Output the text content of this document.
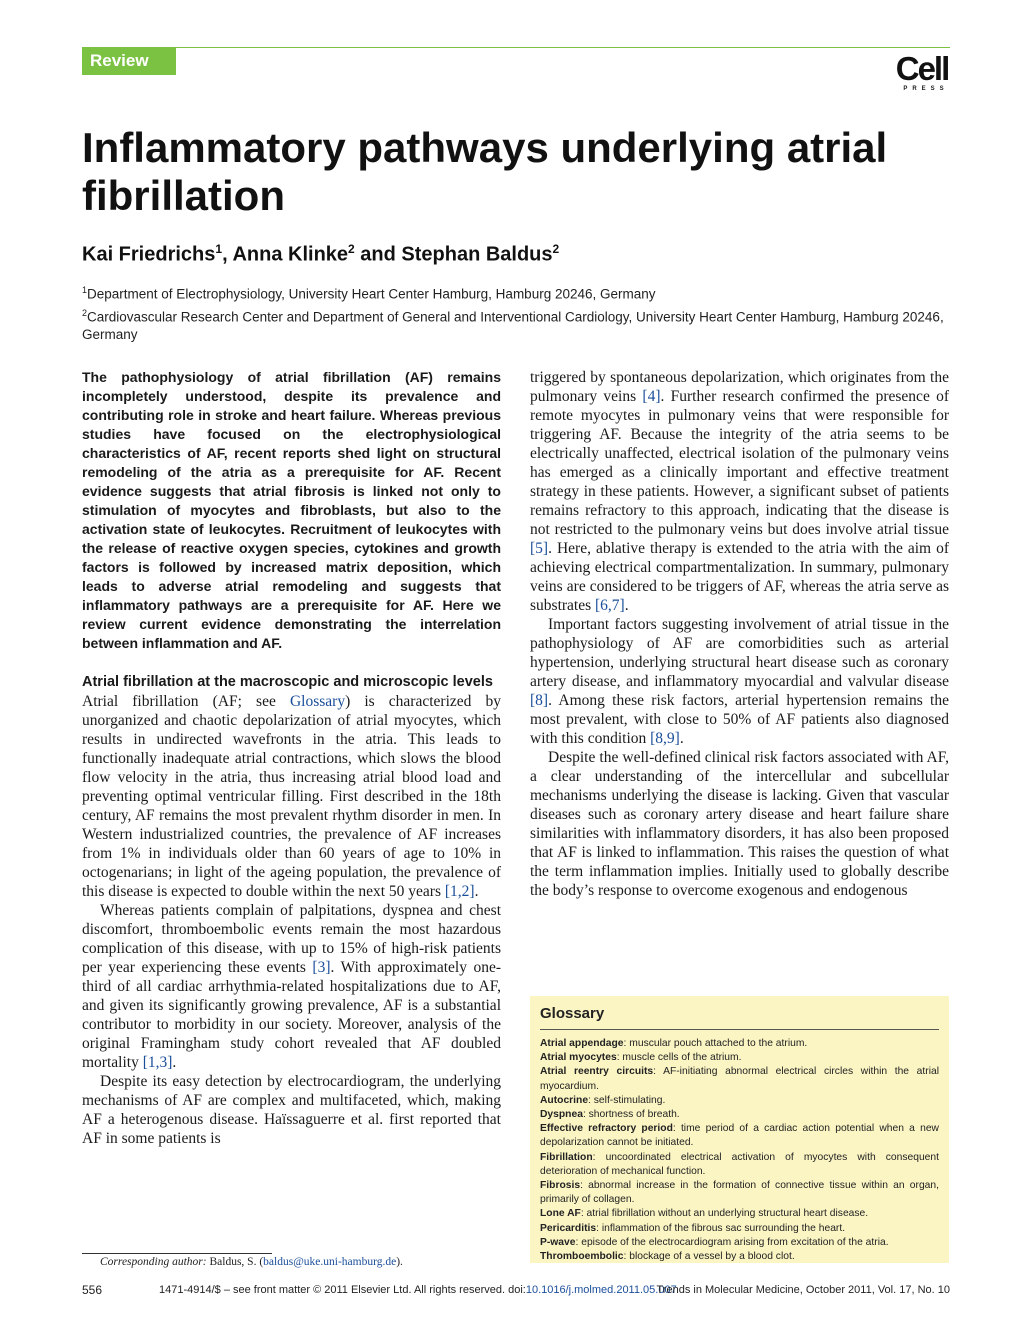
Review	Cell
PRESS
Inflammatory pathways underlying atrial fibrillation
Kai Friedrichs$^1$, Anna Klinke$^2$ and Stephan Baldus$^2$
$^1$Department of Electrophysiology, University Heart Center Hamburg, Hamburg 20246, Germany
$^2$Cardiovascular Research Center and Department of General and Interventional Cardiology, University Heart Center Hamburg, Hamburg 20246, Germany

The pathophysiology of atrial fibrillation (AF) remains incompletely understood, despite its prevalence and contributing role in stroke and heart failure. Whereas previous studies have focused on the electrophysiological characteristics of AF, recent reports shed light on structural remodeling of the atria as a prerequisite for AF. Recent evidence suggests that atrial fibrosis is linked not only to stimulation of myocytes and fibroblasts, but also to the activation state of leukocytes. Recruitment of leukocytes with the release of reactive oxygen species, cytokines and growth factors is followed by increased matrix deposition, which leads to adverse atrial remodeling and suggests that inflammatory pathways are a prerequisite for AF. Here we review current evidence demonstrating the interrelation between inflammation and AF.

Atrial fibrillation at the macroscopic and microscopic levels

Atrial fibrillation (AF; see Glossary) is characterized by unorganized and chaotic depolarization of atrial myocytes, which results in undirected wavefronts in the atria. This leads to functionally inadequate atrial contractions, which slows the blood flow velocity in the atria, thus increasing atrial blood load and preventing optimal ventricular filling. First described in the 18th century, AF remains the most prevalent rhythm disorder in men. In Western industrialized countries, the prevalence of AF increases from 1% in individuals older than 60 years of age to 10% in octogenarians; in light of the ageing population, the prevalence of this disease is expected to double within the next 50 years [1,2].

Whereas patients complain of palpitations, dyspnea and chest discomfort, thromboembolic events remain the most hazardous complication of this disease, with up to 15% of high-risk patients per year experiencing these events [3]. With approximately one-third of all cardiac arrhythmia-related hospitalizations due to AF, and given its significantly growing prevalence, AF is a substantial contributor to morbidity in our society. Moreover, analysis of the original Framingham study cohort revealed that AF doubled mortality [1,3].

Despite its easy detection by electrocardiogram, the underlying mechanisms of AF are complex and multifaceted, which, making AF a heterogenous disease. Haïssaguerre et al. first reported that AF in some patients is

triggered by spontaneous depolarization, which originates from the pulmonary veins [4]. Further research confirmed the presence of remote myocytes in pulmonary veins that were responsible for triggering AF. Because the integrity of the atria seems to be electrically unaffected, electrical isolation of the pulmonary veins has emerged as a clinically important and effective treatment strategy in these patients. However, a significant subset of patients remains refractory to this approach, indicating that the disease is not restricted to the pulmonary veins but does involve atrial tissue [5]. Here, ablative therapy is extended to the atria with the aim of achieving electrical compartmentalization. In summary, pulmonary veins are considered to be triggers of AF, whereas the atria serve as substrates [6,7].

Important factors suggesting involvement of atrial tissue in the pathophysiology of AF are comorbidities such as arterial hypertension, underlying structural heart disease such as coronary artery disease, and inflammatory myocardial and valvular disease [8]. Among these risk factors, arterial hypertension remains the most prevalent, with close to 50% of AF patients also diagnosed with this condition [8,9].

Despite the well-defined clinical risk factors associated with AF, a clear understanding of the intercellular and subcellular mechanisms underlying the disease is lacking. Given that vascular diseases such as coronary artery disease and heart failure share similarities with inflammatory disorders, it has also been proposed that AF is linked to inflammation. This raises the question of what the term inflammation implies. Initially used to globally describe the body’s response to overcome exogenous and endogenous

Glossary

Atrial appendage: muscular pouch attached to the atrium.

Atrial myocytes: muscle cells of the atrium.

Atrial reentry circuits: AF-initiating abnormal electrical circles within the atrial myocardium.

Autocrine: self-stimulating.

Dyspnea: shortness of breath.

Effective refractory period: time period of a cardiac action potential when a new depolarization cannot be initiated.

Fibrillation: uncoordinated electrical activation of myocytes with consequent deterioration of mechanical function.

Fibrosis: abnormal increase in the formation of connective tissue within an organ, primarily of collagen.

Lone AF: atrial fibrillation without an underlying structural heart disease.

Pericarditis: inflammation of the fibrous sac surrounding the heart.

P-wave: episode of the electrocardiogram arising from excitation of the atria.

Thromboembolic: blockage of a vessel by a blood clot.

Corresponding author: Baldus, S. (baldus@uke.uni-hamburg.de).
556	1471-4914/$ – see front matter © 2011 Elsevier Ltd. All rights reserved. doi:10.1016/j.molmed.2011.05.007
Trends in Molecular Medicine, October 2011, Vol. 17, No. 10
